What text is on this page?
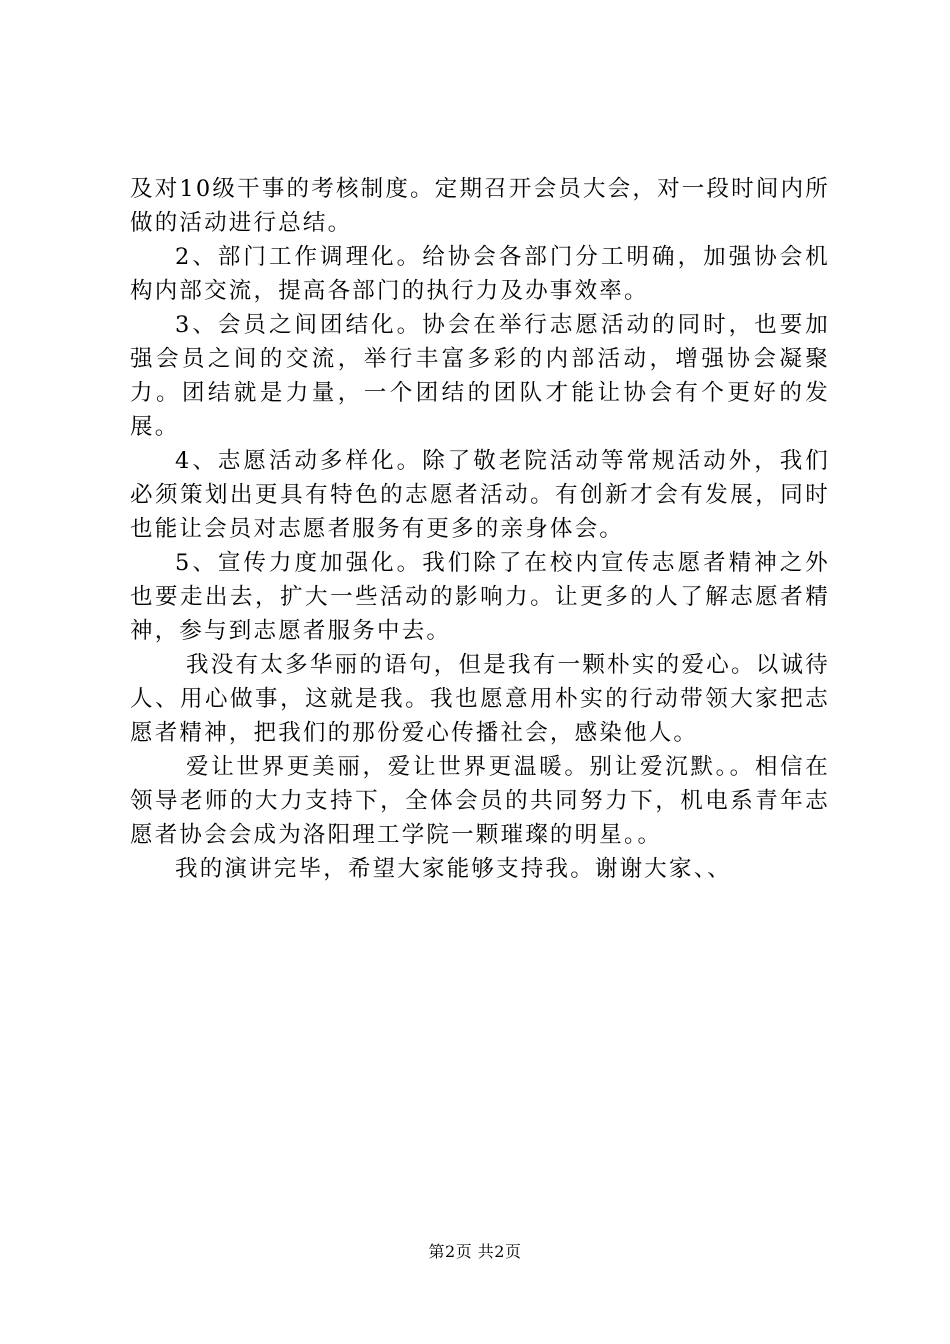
及对10级干事的考核制度。定期召开会员大会，对一段时间内所做的活动进行总结。

2、部门工作调理化。给协会各部门分工明确，加强协会机构内部交流，提高各部门的执行力及办事效率。

3、会员之间团结化。协会在举行志愿活动的同时，也要加强会员之间的交流，举行丰富多彩的内部活动，增强协会凝聚力。团结就是力量，一个团结的团队才能让协会有个更好的发展。

4、志愿活动多样化。除了敬老院活动等常规活动外，我们必须策划出更具有特色的志愿者活动。有创新才会有发展，同时也能让会员对志愿者服务有更多的亲身体会。

5、宣传力度加强化。我们除了在校内宣传志愿者精神之外也要走出去，扩大一些活动的影响力。让更多的人了解志愿者精神，参与到志愿者服务中去。

我没有太多华丽的语句，但是我有一颗朴实的爱心。以诚待人、用心做事，这就是我。我也愿意用朴实的行动带领大家把志愿者精神，把我们的那份爱心传播社会，感染他人。

爱让世界更美丽，爱让世界更温暖。别让爱沉默。。相信在领导老师的大力支持下，全体会员的共同努力下，机电系青年志愿者协会会成为洛阳理工学院一颗璀璨的明星。。

我的演讲完毕，希望大家能够支持我。谢谢大家、、

第2页 共2页
